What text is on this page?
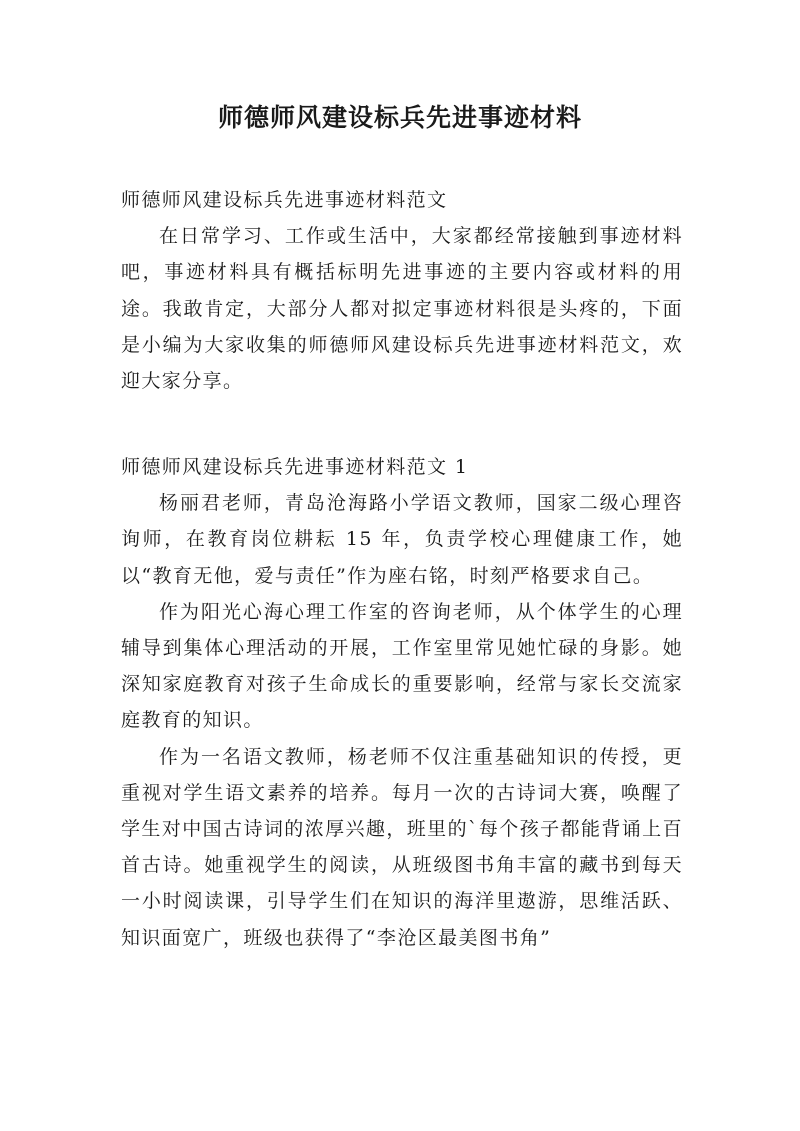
师德师风建设标兵先进事迹材料

师德师风建设标兵先进事迹材料范文

在日常学习、工作或生活中，大家都经常接触到事迹材料吧，事迹材料具有概括标明先进事迹的主要内容或材料的用途。我敢肯定，大部分人都对拟定事迹材料很是头疼的，下面是小编为大家收集的师德师风建设标兵先进事迹材料范文，欢迎大家分享。

师德师风建设标兵先进事迹材料范文 1

杨丽君老师，青岛沧海路小学语文教师，国家二级心理咨询师，在教育岗位耕耘 15 年，负责学校心理健康工作，她以“教育无他，爱与责任”作为座右铭，时刻严格要求自己。

作为阳光心海心理工作室的咨询老师，从个体学生的心理辅导到集体心理活动的开展，工作室里常见她忙碌的身影。她深知家庭教育对孩子生命成长的重要影响，经常与家长交流家庭教育的知识。

作为一名语文教师，杨老师不仅注重基础知识的传授，更重视对学生语文素养的培养。每月一次的古诗词大赛，唤醒了学生对中国古诗词的浓厚兴趣，班里的`每个孩子都能背诵上百首古诗。她重视学生的阅读，从班级图书角丰富的藏书到每天一小时阅读课，引导学生们在知识的海洋里遨游，思维活跃、知识面宽广，班级也获得了“李沧区最美图书角”
